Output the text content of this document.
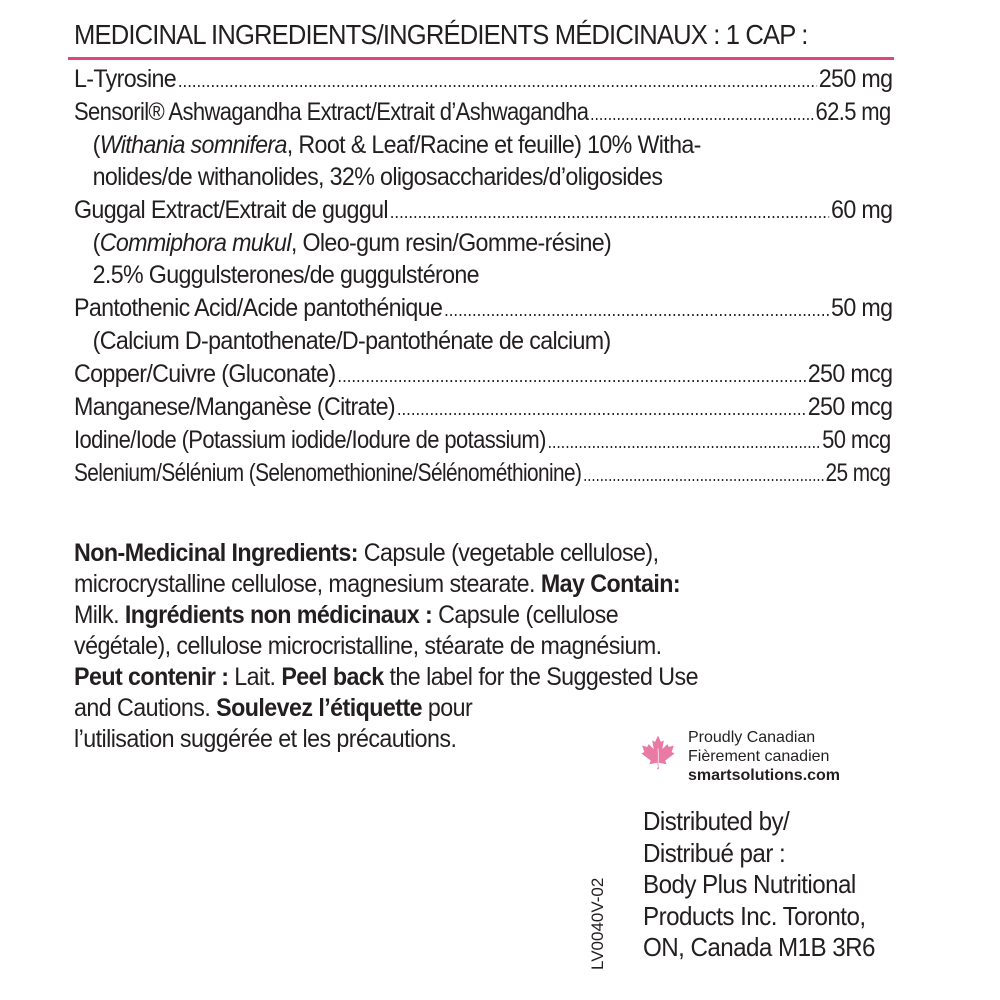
MEDICINAL INGREDIENTS/INGRÉDIENTS MÉDICINAUX : 1 CAP :
L-Tyrosine .....	250 mg
Sensoril® Ashwagandha Extract/Extrait d’Ashwagandha .....	62.5 mg
(Withania somnifera, Root & Leaf/Racine et feuille) 10% Witha-
nolides/de withanolides, 32% oligosaccharides/d’oligosides
Guggal Extract/Extrait de guggul .....	60 mg
(Commiphora mukul, Oleo-gum resin/Gomme-résine)
2.5% Guggulsterones/de guggulstérone
Pantothenic Acid/Acide pantothénique .....	50 mg
(Calcium D-pantothenate/D-pantothénate de calcium)
Copper/Cuivre (Gluconate) .....	250 mcg
Manganese/Manganèse (Citrate) .....	250 mcg
Iodine/Iode (Potassium iodide/Iodure de potassium) .....	50 mcg
Selenium/Sélénium (Selenomethionine/Sélénométhionine) .....	25 mcg
Non-Medicinal Ingredients: Capsule (vegetable cellulose),
microcrystalline cellulose, magnesium stearate. May Contain:
Milk. Ingrédients non médicinaux : Capsule (cellulose
végétale), cellulose microcristalline, stéarate de magnésium.
Peut contenir : Lait. Peel back the label for the Suggested Use
and Cautions. Soulevez l’étiquette pour
l’utilisation suggérée et les précautions.	Proudly Canadian
Fièrement canadien
smartsolutions.com
Distributed by/
Distribué par :
Body Plus Nutritional
Products Inc. Toronto,
ON, Canada M1B 3R6
LV0040V-02
